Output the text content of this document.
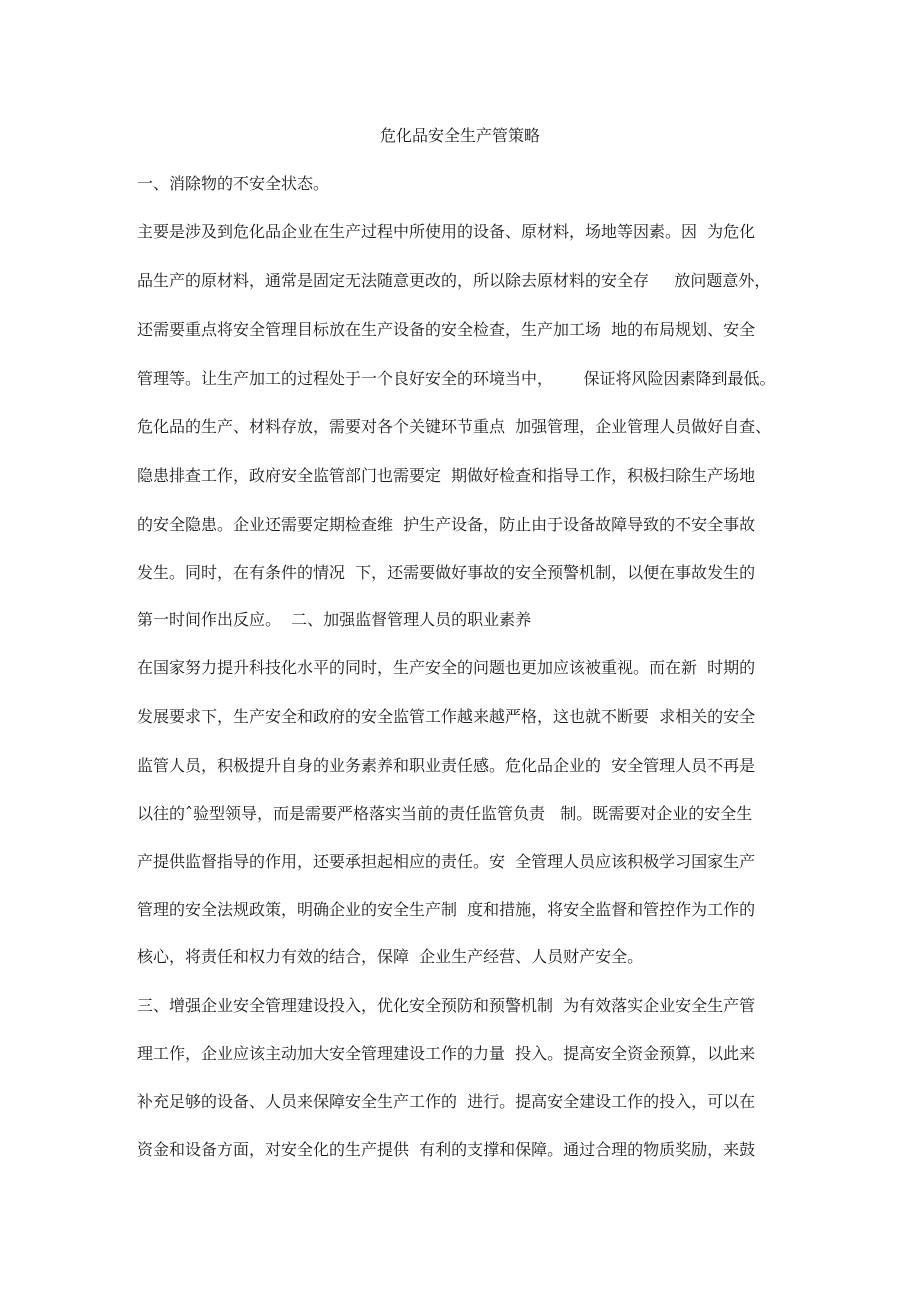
危化品安全生产管策略
一、消除物的不安全状态。
主要是涉及到危化品企业在生产过程中所使用的设备、原材料，场地等因素。因  为危化
品生产的原材料，通常是固定无法随意更改的，所以除去原材料的安全存     放问题意外，
还需要重点将安全管理目标放在生产设备的安全检查，生产加工场  地的布局规划、安全
管理等。让生产加工的过程处于一个良好安全的环境当中，      保证将风险因素降到最低。
危化品的生产、材料存放，需要对各个关键环节重点  加强管理，企业管理人员做好自查、
隐患排查工作，政府安全监管部门也需要定  期做好检查和指导工作，积极扫除生产场地
的安全隐患。企业还需要定期检查维  护生产设备，防止由于设备故障导致的不安全事故
发生。同时，在有条件的情况  下，还需要做好事故的安全预警机制，以便在事故发生的
第一时间作出反应。  二、加强监督管理人员的职业素养
在国家努力提升科技化水平的同时，生产安全的问题也更加应该被重视。而在新  时期的
发展要求下，生产安全和政府的安全监管工作越来越严格，这也就不断要  求相关的安全
监管人员，积极提升自身的业务素养和职业责任感。危化品企业的  安全管理人员不再是
以往的ˆ验型领导，而是需要严格落实当前的责任监管负责   制。既需要对企业的安全生
产提供监督指导的作用，还要承担起相应的责任。安  全管理人员应该积极学习国家生产
管理的安全法规政策，明确企业的安全生产制  度和措施，将安全监督和管控作为工作的
核心，将责任和权力有效的结合，保障  企业生产经营、人员财产安全。
三、增强企业安全管理建设投入，优化安全预防和预警机制  为有效落实企业安全生产管
理工作，企业应该主动加大安全管理建设工作的力量  投入。提高安全资金预算，以此来
补充足够的设备、人员来保障安全生产工作的  进行。提高安全建设工作的投入，可以在
资金和设备方面，对安全化的生产提供  有利的支撑和保障。通过合理的物质奖励，来鼓
